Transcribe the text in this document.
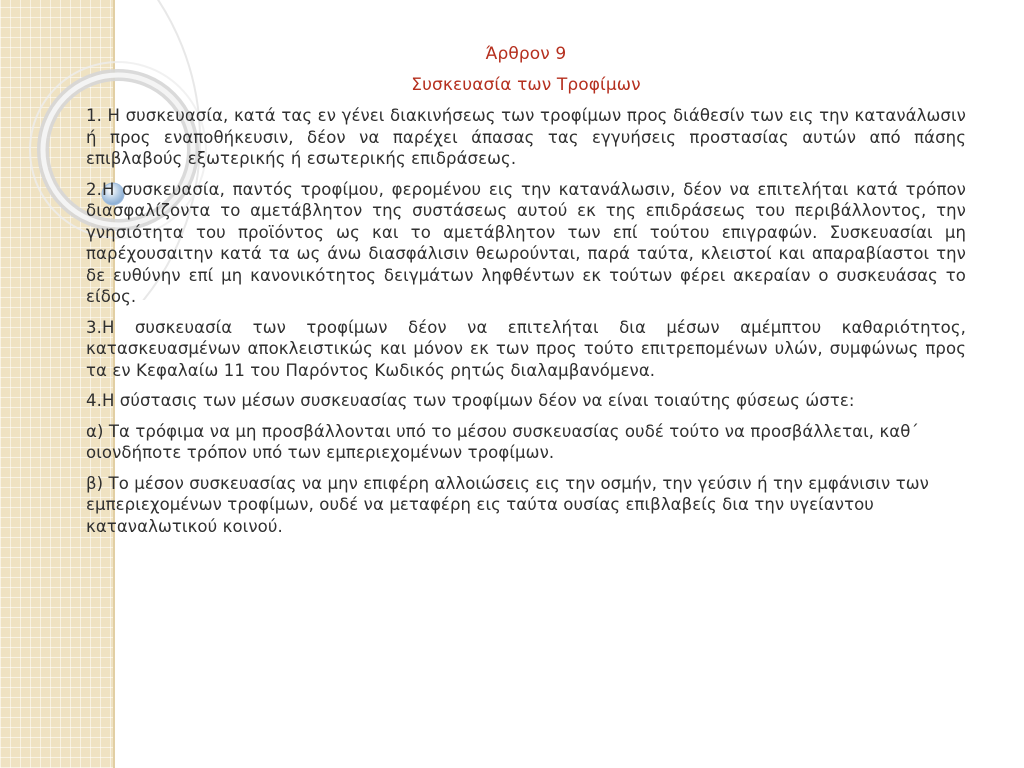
Άρθρον 9

Συσκευασία των Τροφίμων

1. Η συσκευασία, κατά τας εν γένει διακινήσεως των τροφίμων προς διάθεσίν των εις την κατανάλωσιν ή προς εναποθήκευσιν, δέον να παρέχει άπασας τας εγγυήσεις προστασίας αυτών από πάσης επιβλαβούς εξωτερικής ή εσωτερικής επιδράσεως.

2.Η συσκευασία, παντός τροφίμου, φερομένου εις την κατανάλωσιν, δέον να επιτελήται κατά τρόπον διασφαλίζοντα το αμετάβλητον της συστάσεως αυτού εκ της επιδράσεως του περιβάλλοντος, την γνησιότητα του προϊόντος ως και το αμετάβλητον των επί τούτου επιγραφών. Συσκευασίαι μη παρέχουσαιτην κατά τα ως άνω διασφάλισιν θεωρούνται, παρά ταύτα, κλειστοί και απαραβίαστοι την δε ευθύνην επί μη κανονικότητος δειγμάτων ληφθέντων εκ τούτων φέρει ακεραίαν ο συσκευάσας το είδος.

3.Η συσκευασία των τροφίμων δέον να επιτελήται δια μέσων αμέμπτου καθαριότητος, κατασκευασμένων αποκλειστικώς και μόνον εκ των προς τούτο επιτρεπομένων υλών, συμφώνως προς τα εν Κεφαλαίω 11 του Παρόντος Κωδικός ρητώς διαλαμβανόμενα.

4.Η σύστασις των μέσων συσκευασίας των τροφίμων δέον να είναι τοιαύτης φύσεως ώστε:

α) Τα τρόφιμα να μη προσβάλλονται υπό το μέσου συσκευασίας ουδέ τούτο να προσβάλλεται, καθ΄ οιονδήποτε τρόπον υπό των εμπεριεχομένων τροφίμων.

β) Το μέσον συσκευασίας να μην επιφέρη αλλοιώσεις εις την οσμήν, την γεύσιν ή την εμφάνισιν των εμπεριεχομένων τροφίμων, ουδέ να μεταφέρη εις ταύτα ουσίας επιβλαβείς δια την υγείαντου καταναλωτικού κοινού.
